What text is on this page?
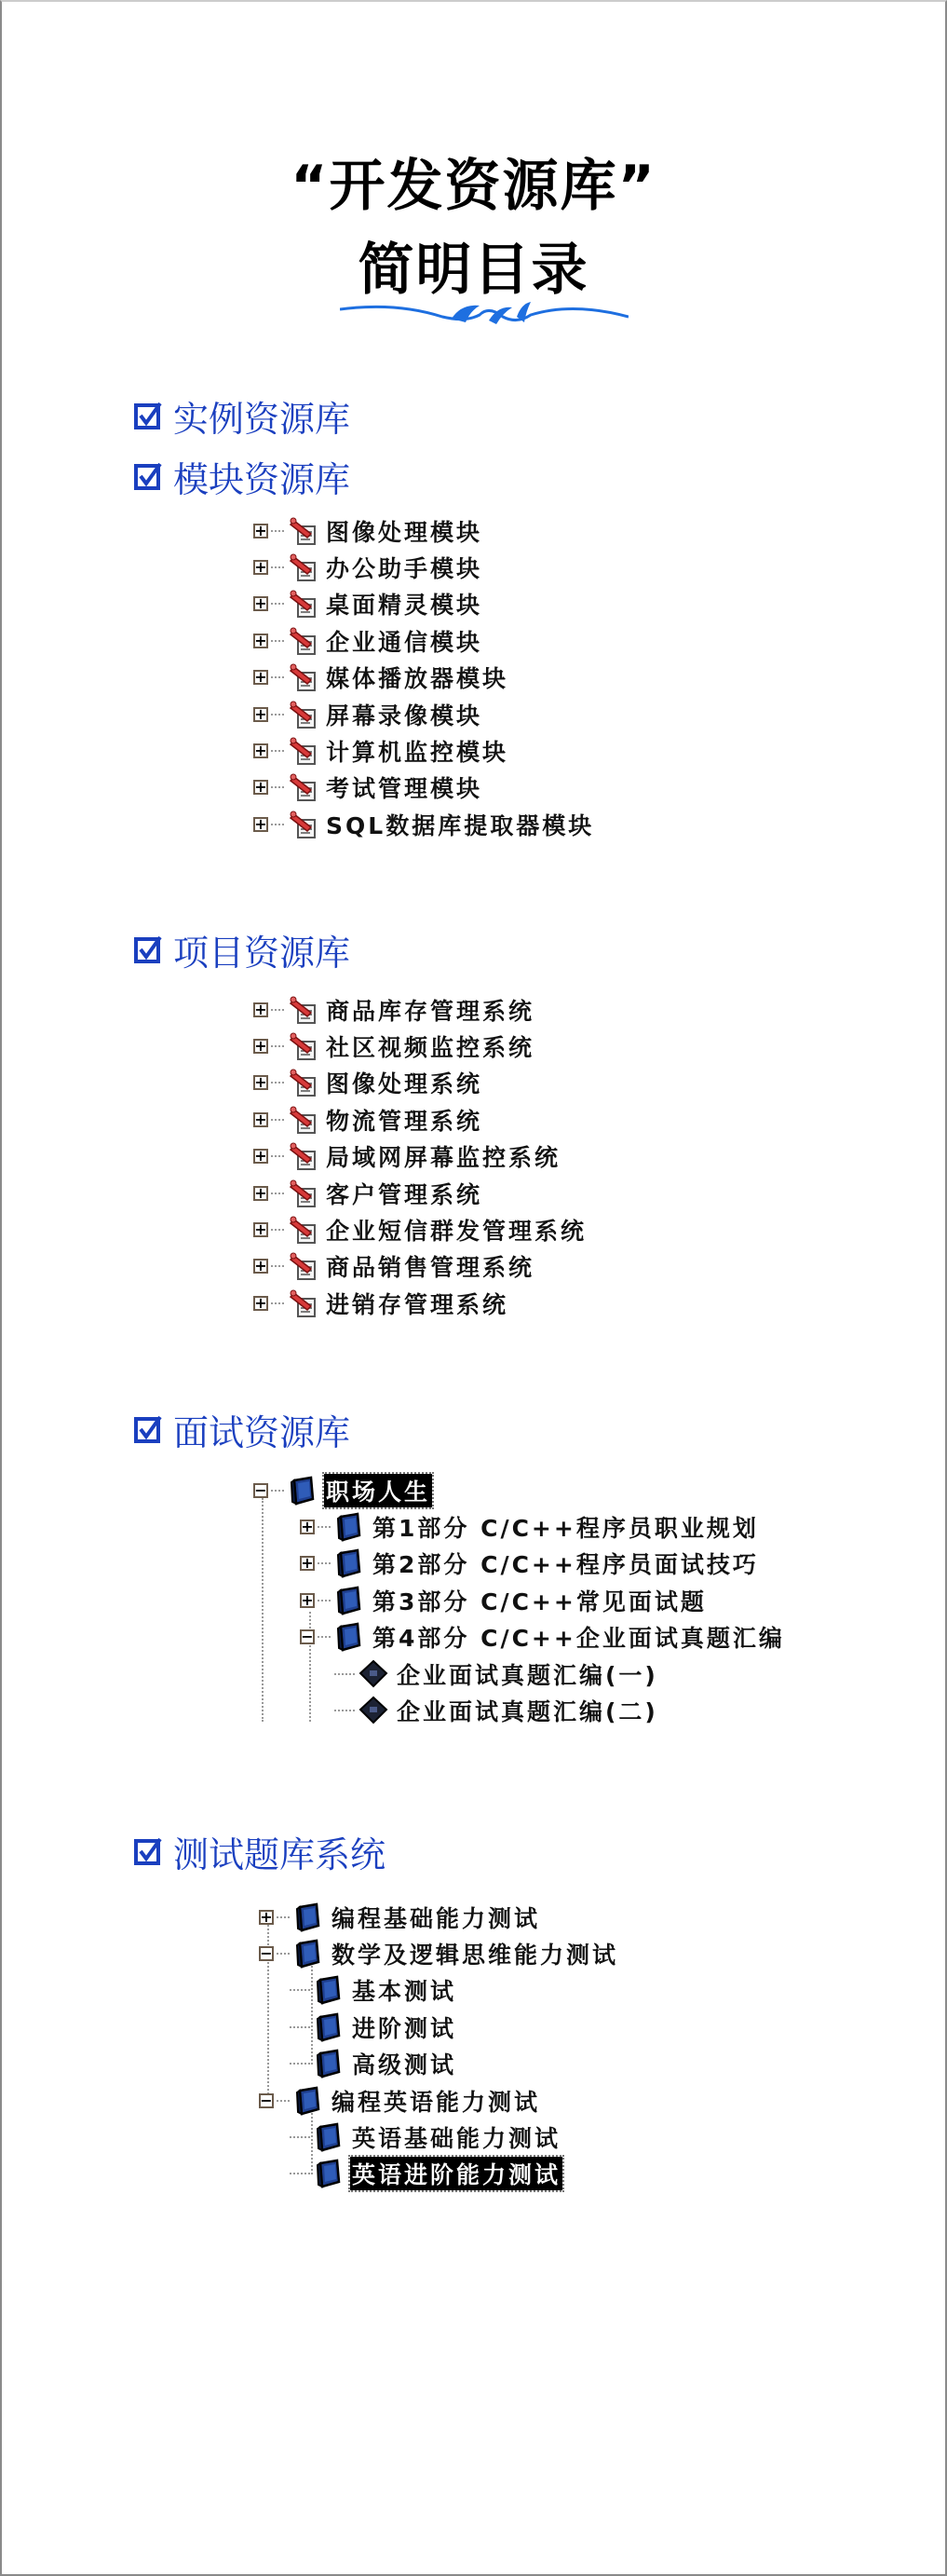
“开发资源库”
简明目录
实例资源库
模块资源库
+	图像处理模块
+	办公助手模块
+	桌面精灵模块
+	企业通信模块
+	媒体播放器模块
+	屏幕录像模块
+	计算机监控模块
+	考试管理模块
+	SQL数据库提取器模块
项目资源库
+	商品库存管理系统
+	社区视频监控系统
+	图像处理系统
+	物流管理系统
+	局域网屏幕监控系统
+	客户管理系统
+	企业短信群发管理系统
+	商品销售管理系统
+	进销存管理系统
面试资源库
−	职场人生
+	第1部分 C/C++程序员职业规划
+	第2部分 C/C++程序员面试技巧
+	第3部分 C/C++常见面试题
−	第4部分 C/C++企业面试真题汇编
企业面试真题汇编(一)
企业面试真题汇编(二)
测试题库系统
+	编程基础能力测试
−	数学及逻辑思维能力测试
基本测试
进阶测试
高级测试
−	编程英语能力测试
英语基础能力测试
英语进阶能力测试
